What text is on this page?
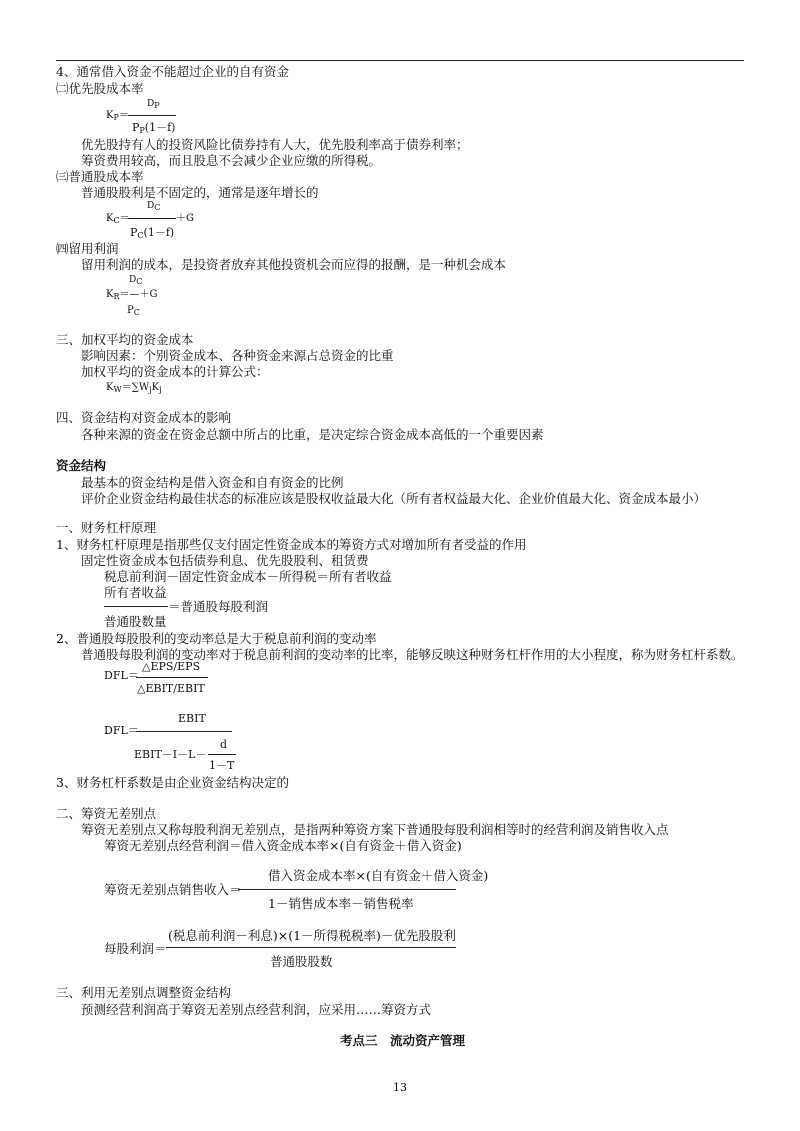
4、通常借入资金不能超过企业的自有资金
㈡优先股成本率
$D_P$
$K_P=$
$P_P(1-f)$
优先股持有人的投资风险比债券持有人大，优先股利率高于债券利率；
筹资费用较高，而且股息不会减少企业应缴的所得税。
㈢普通股成本率
普通股股利是不固定的，通常是逐年增长的
$D_C$
$K_C=$	＋G
$P_C(1-f)$
㈣留用利润
留用利润的成本，是投资者放弃其他投资机会而应得的报酬，是一种机会成本
$D_C$
$K_R=—+G$
$P_C$
三、加权平均的资金成本
影响因素：个别资金成本、各种资金来源占总资金的比重
加权平均的资金成本的计算公式：
$K_W=\sum W_jK_j$
四、资金结构对资金成本的影响
各种来源的资金在资金总额中所占的比重，是决定综合资金成本高低的一个重要因素
资金结构
最基本的资金结构是借入资金和自有资金的比例
评价企业资金结构最佳状态的标准应该是股权收益最大化（所有者权益最大化、企业价值最大化、资金成本最小）
一、财务杠杆原理
1、财务杠杆原理是指那些仅支付固定性资金成本的筹资方式对增加所有者受益的作用
固定性资金成本包括债券利息、优先股股利、租赁费
税息前利润－固定性资金成本－所得税＝所有者收益
所有者收益
＝普通股每股利润
普通股数量
2、普通股每股股利的变动率总是大于税息前利润的变动率
普通股每股利润的变动率对于税息前利润的变动率的比率，能够反映这种财务杠杆作用的大小程度，称为财务杠杆系数。
DFL＝
△EPS/EPS
△EBIT/EBIT
EBIT
DFL＝
d
EBIT－I－L－
1－T
3、财务杠杆系数是由企业资金结构决定的
二、筹资无差别点
筹资无差别点又称每股利润无差别点，是指两种筹资方案下普通股每股利润相等时的经营利润及销售收入点
筹资无差别点经营利润＝借入资金成本率×(自有资金＋借入资金)
借入资金成本率×(自有资金＋借入资金)
筹资无差别点销售收入＝
1－销售成本率－销售税率
(税息前利润－利息)×(1－所得税税率)－优先股股利
每股利润＝
普通股股数
三、利用无差别点调整资金结构
预测经营利润高于筹资无差别点经营利润，应采用……筹资方式
考点三　流动资产管理
13
